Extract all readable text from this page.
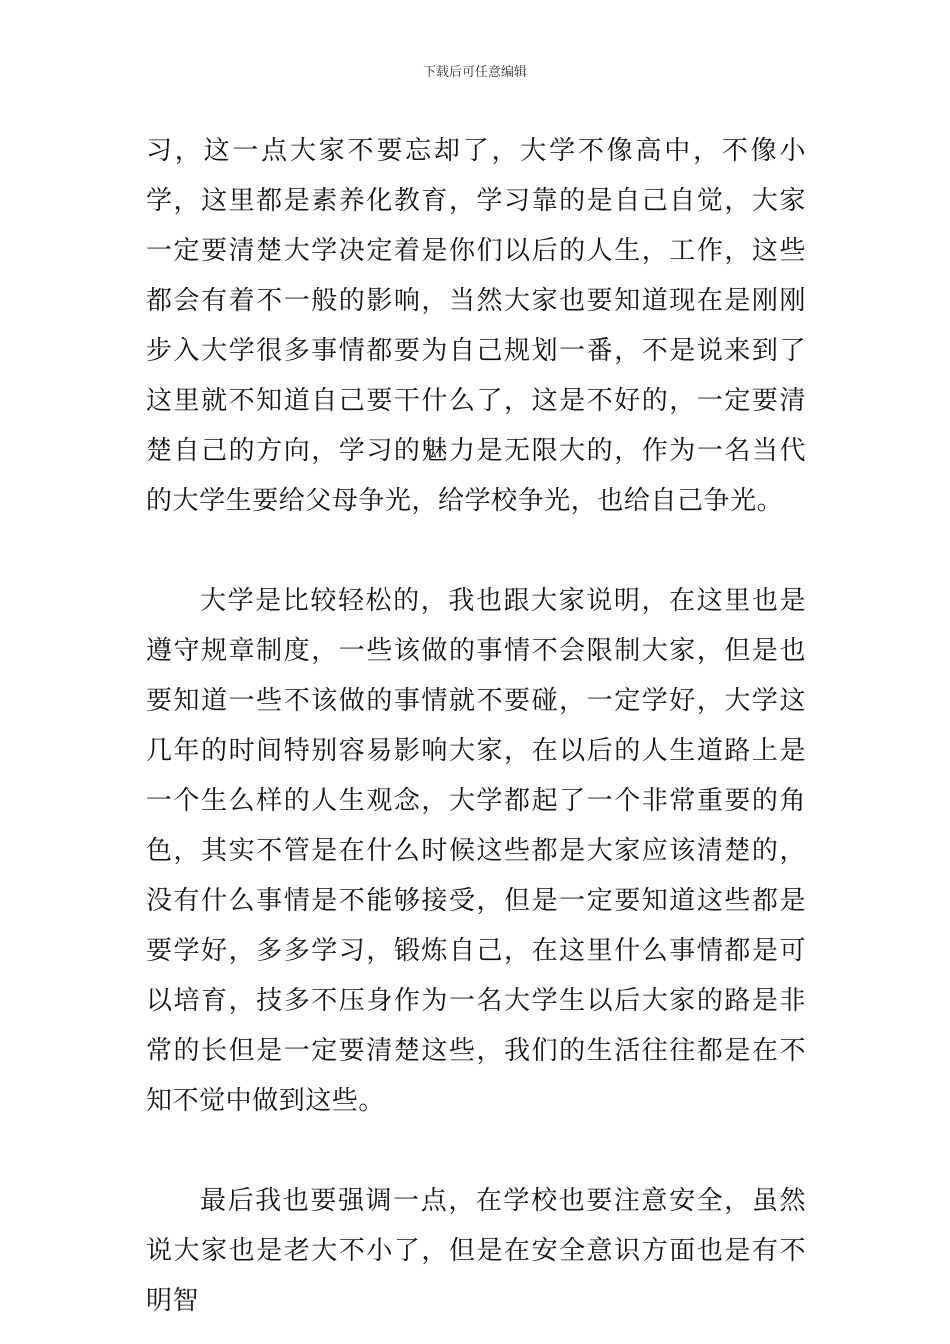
下载后可任意编辑

习，这一点大家不要忘却了，大学不像高中，不像小学，这里都是素养化教育，学习靠的是自己自觉，大家一定要清楚大学决定着是你们以后的人生，工作，这些都会有着不一般的影响，当然大家也要知道现在是刚刚步入大学很多事情都要为自己规划一番，不是说来到了这里就不知道自己要干什么了，这是不好的，一定要清楚自己的方向，学习的魅力是无限大的，作为一名当代的大学生要给父母争光，给学校争光，也给自己争光。

大学是比较轻松的，我也跟大家说明，在这里也是遵守规章制度，一些该做的事情不会限制大家，但是也要知道一些不该做的事情就不要碰，一定学好，大学这几年的时间特别容易影响大家，在以后的人生道路上是一个生么样的人生观念，大学都起了一个非常重要的角色，其实不管是在什么时候这些都是大家应该清楚的，没有什么事情是不能够接受，但是一定要知道这些都是要学好，多多学习，锻炼自己，在这里什么事情都是可以培育，技多不压身作为一名大学生以后大家的路是非常的长但是一定要清楚这些，我们的生活往往都是在不知不觉中做到这些。

最后我也要强调一点，在学校也要注意安全，虽然说大家也是老大不小了，但是在安全意识方面也是有不明智
